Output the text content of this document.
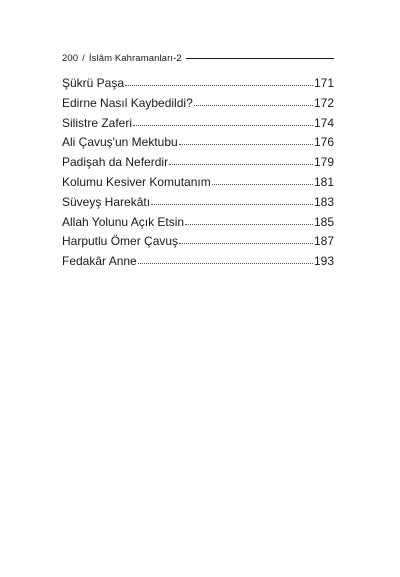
200 / İslâm Kahramanları-2
Şükrü Paşa	171
Edirne Nasıl Kaybedildi?	172
Silistre Zaferi	174
Ali Çavuş'un Mektubu	176
Padişah da Neferdir	179
Kolumu Kesiver Komutanım	181
Süveyş Harekâtı	183
Allah Yolunu Açık Etsin	185
Harputlu Ömer Çavuş	187
Fedakâr Anne	193
